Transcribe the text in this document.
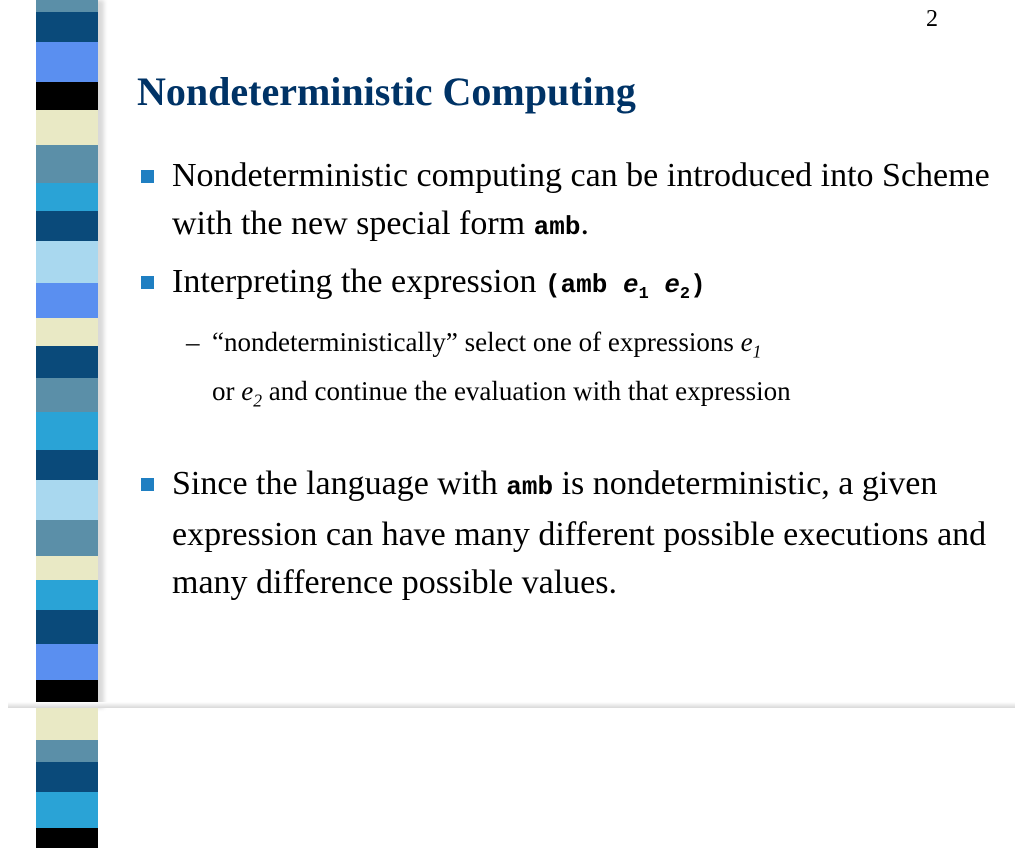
2
Nondeterministic Computing
Nondeterministic computing can be introduced into Scheme with the new special form amb.
Interpreting the expression (amb $e_1$ $e_2$)
– “nondeterministically” select one of expressions $e_1$
or $e_2$ and continue the evaluation with that expression
Since the language with amb is nondeterministic, a given expression can have many different possible executions and many difference possible values.
